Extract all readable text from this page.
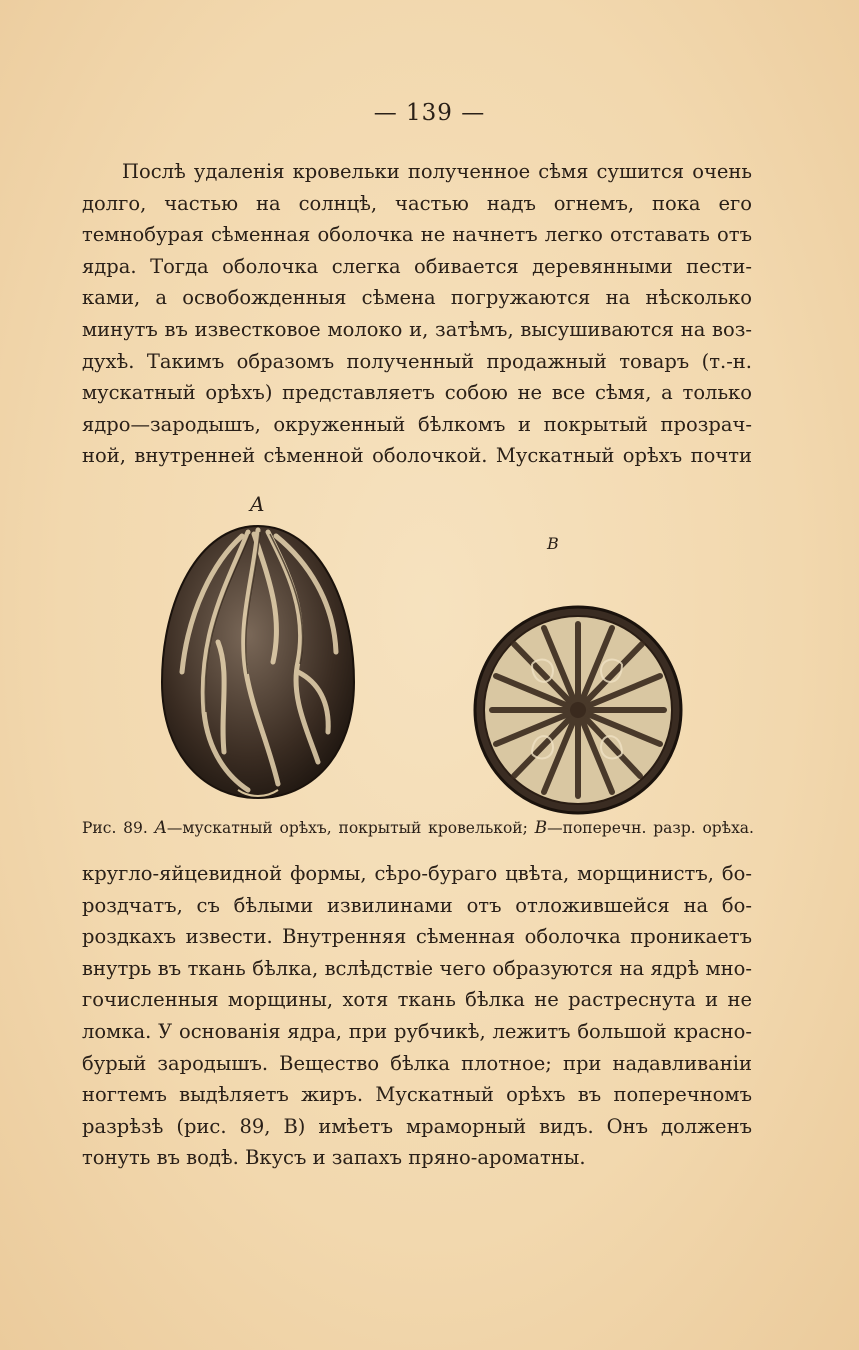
— 139 —
Послѣ удаленія кровельки полученное сѣмя сушится очень
долго, частью на солнцѣ, частью надъ огнемъ, пока его
темнобурая сѣменная оболочка не начнетъ легко отставать отъ
ядра. Тогда оболочка слегка обивается деревянными пести-
ками, а освобожденныя сѣмена погружаются на нѣсколько
минутъ въ известковое молоко и, затѣмъ, высушиваются на воз-
духѣ. Такимъ образомъ полученный продажный товаръ (т.-н.
мускатный орѣхъ) представляетъ собою не все сѣмя, а только
ядро—зародышъ, окруженный бѣлкомъ и покрытый прозрач-
ной, внутренней сѣменной оболочкой. Мускатный орѣхъ почти
A
B
Рис. 89. A—мускатный орѣхъ, покрытый кровелькой; B—поперечн. разр. орѣха.
кругло-яйцевидной формы, сѣро-бураго цвѣта, морщинистъ, бо-
роздчатъ, съ бѣлыми извилинами отъ отложившейся на бо-
роздкахъ извести. Внутренняя сѣменная оболочка проникаетъ
внутрь въ ткань бѣлка, вслѣдствіе чего образуются на ядрѣ мно-
гочисленныя морщины, хотя ткань бѣлка не растреснута и не
ломка. У основанія ядра, при рубчикѣ, лежитъ большой красно-
бурый зародышъ. Вещество бѣлка плотное; при надавливаніи
ногтемъ выдѣляетъ жиръ. Мускатный орѣхъ въ поперечномъ
разрѣзѣ (рис. 89, B) имѣетъ мраморный видъ. Онъ долженъ
тонуть въ водѣ. Вкусъ и запахъ пряно-ароматны.
